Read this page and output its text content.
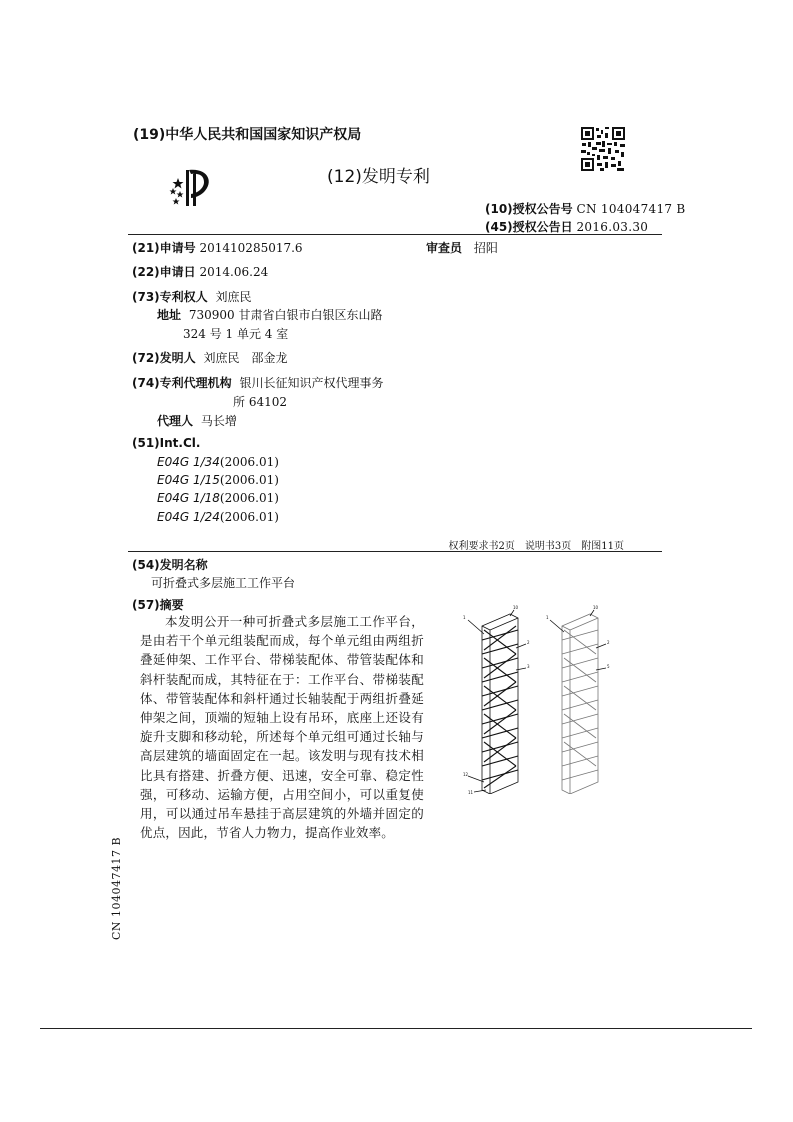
(19)中华人民共和国国家知识产权局
(12)发明专利
(10)授权公告号 CN 104047417 B
(45)授权公告日 2016.03.30
(21)申请号 201410285017.6	审查员 招阳
(22)申请日 2014.06.24
(73)专利权人 刘庶民
地址 730900 甘肃省白银市白银区东山路
324 号 1 单元 4 室
(72)发明人 刘庶民　邵金龙
(74)专利代理机构 银川长征知识产权代理事务
所 64102
代理人 马长增
(51)Int.Cl.
E04G 1/34(2006.01)
E04G 1/15(2006.01)
E04G 1/18(2006.01)
E04G 1/24(2006.01)
权利要求书2页　说明书3页　附图11页
(54)发明名称
可折叠式多层施工工作平台
(57)摘要
本发明公开一种可折叠式多层施工工作平台，是由若干个单元组装配而成，每个单元组由两组折叠延伸架、工作平台、带梯装配体、带管装配体和斜杆装配而成，其特征在于：工作平台、带梯装配体、带管装配体和斜杆通过长轴装配于两组折叠延伸架之间，顶端的短轴上设有吊环，底座上还设有旋升支脚和移动轮，所述每个单元组可通过长轴与高层建筑的墙面固定在一起。该发明与现有技术相比具有搭建、折叠方便、迅速，安全可靠、稳定性强，可移动、运输方便，占用空间小，可以重复使用，可以通过吊车悬挂于高层建筑的外墙并固定的优点，因此，节省人力物力，提高作业效率。
1
10
2
3
12
11
1
10
2
5
CN 104047417 B
